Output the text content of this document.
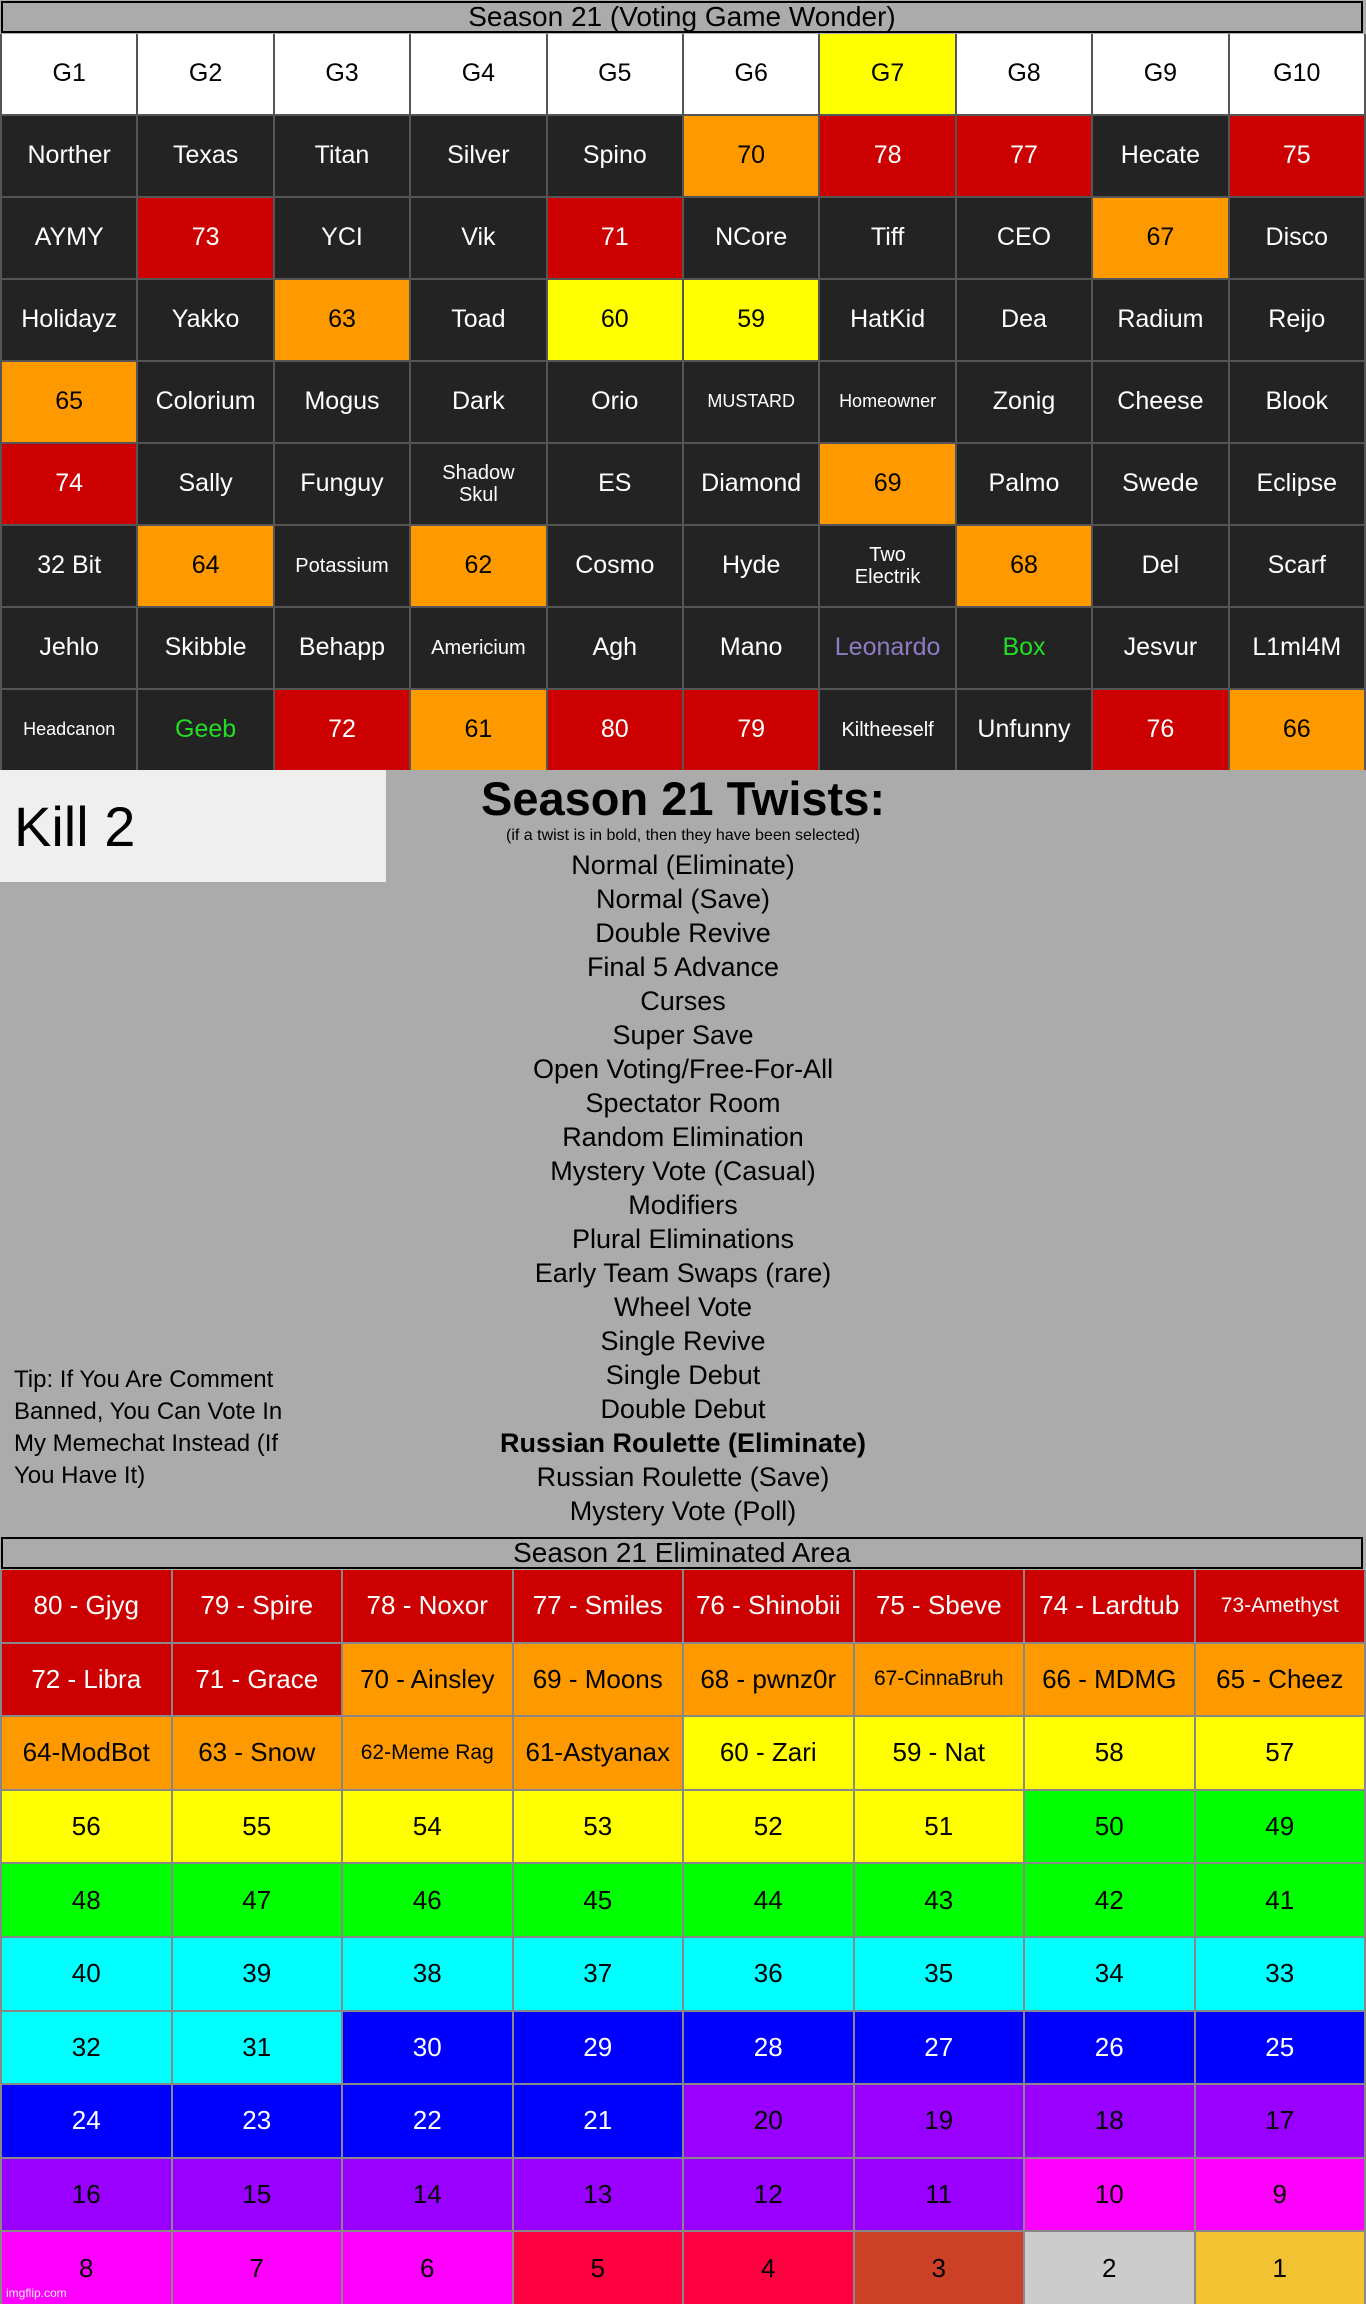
Season 21 (Voting Game Wonder)
G1	G2	G3	G4	G5	G6	G7	G8	G9	G10
Norther	Texas	Titan	Silver	Spino	70	78	77	Hecate	75
AYMY	73	YCI	Vik	71	NCore	Tiff	CEO	67	Disco
Holidayz	Yakko	63	Toad	60	59	HatKid	Dea	Radium	Reijo
65	Colorium	Mogus	Dark	Orio	MUSTARD	Homeowner	Zonig	Cheese	Blook
74	Sally	Funguy	Shadow Skul	ES	Diamond	69	Palmo	Swede	Eclipse
32 Bit	64	Potassium	62	Cosmo	Hyde	Two Electrik	68	Del	Scarf
Jehlo	Skibble	Behapp	Americium	Agh	Mano	Leonardo	Box	Jesvur	L1ml4M
Headcanon	Geeb	72	61	80	79	Kiltheeself	Unfunny	76	66
Kill 2	Season 21 Twists:
(if a twist is in bold, then they have been selected)
Normal (Eliminate)
Normal (Save)
Double Revive
Final 5 Advance
Curses
Super Save
Open Voting/Free-For-All
Spectator Room
Random Elimination
Mystery Vote (Casual)
Modifiers
Plural Eliminations
Early Team Swaps (rare)
Wheel Vote
Single Revive
Single Debut
Double Debut
Russian Roulette (Eliminate)
Russian Roulette (Save)
Mystery Vote (Poll)
Tip: If You Are Comment Banned, You Can Vote In My Memechat Instead (If You Have It)
Season 21 Eliminated Area
80 - Gjyg	79 - Spire	78 - Noxor	77 - Smiles	76 - Shinobii	75 - Sbeve	74 - Lardtub	73-Amethyst
72 - Libra	71 - Grace	70 - Ainsley	69 - Moons	68 - pwnz0r	67-CinnaBruh	66 - MDMG	65 - Cheez
64-ModBot	63 - Snow	62-Meme Rag	61-Astyanax	60 - Zari	59 - Nat	58	57
56	55	54	53	52	51	50	49
48	47	46	45	44	43	42	41
40	39	38	37	36	35	34	33
32	31	30	29	28	27	26	25
24	23	22	21	20	19	18	17
16	15	14	13	12	11	10	9
8	7	6	5	4	3	2	1
imgflip.com
